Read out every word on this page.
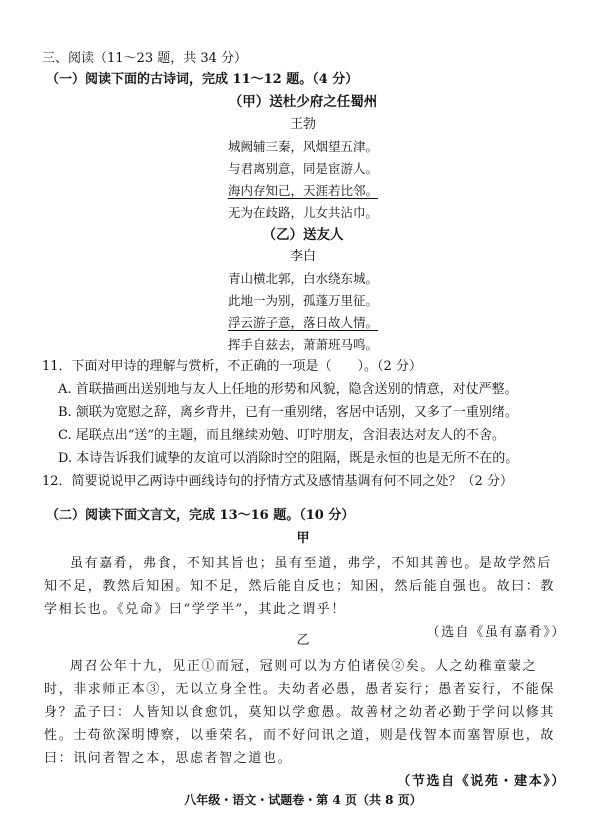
三、阅读（11～23 题，共 34 分）
（一）阅读下面的古诗词，完成 11～12 题。（4 分）
（甲）送杜少府之任蜀州
王勃
城阙辅三秦，风烟望五津。
与君离别意，同是宦游人。
海内存知己，天涯若比邻。
无为在歧路，儿女共沾巾。
（乙）送友人
李白
青山横北郭，白水绕东城。
此地一为别，孤蓬万里征。
浮云游子意，落日故人情。
挥手自兹去，萧萧班马鸣。
11．下面对甲诗的理解与赏析，不正确的一项是（　　）。（2 分）
A. 首联描画出送别地与友人上任地的形势和风貌，隐含送别的情意，对仗严整。
B. 颔联为宽慰之辞，离乡背井，已有一重别绪，客居中话别，又多了一重别绪。
C. 尾联点出“送”的主题，而且继续劝勉、叮咛朋友，含泪表达对友人的不舍。
D. 本诗告诉我们诚挚的友谊可以消除时空的阻隔，既是永恒的也是无所不在的。
12．简要说说甲乙两诗中画线诗句的抒情方式及感情基调有何不同之处？（2 分）
（二）阅读下面文言文，完成 13～16 题。（10 分）
甲

虽有嘉肴，弗食，不知其旨也；虽有至道，弗学，不知其善也。是故学然后知不足，教然后知困。知不足，然后能自反也；知困，然后能自强也。故曰：教学相长也。《兑命》曰“学学半”，其此之谓乎！

（选自《虽有嘉肴》）

乙

周召公年十九，见正①而冠，冠则可以为方伯诸侯②矣。人之幼稚童蒙之时，非求师正本③，无以立身全性。夫幼者必愚，愚者妄行；愚者妄行，不能保身？孟子曰：人皆知以食愈饥，莫知以学愈愚。故善材之幼者必勤于学问以修其性。士苟欲深明博察，以垂荣名，而不好问讯之道，则是伐智本而塞智原也，故曰：讯问者智之本，思虑者智之道也。

（节选自《说苑・建本》）

八年级・语文・试题卷・第 4 页（共 8 页）
